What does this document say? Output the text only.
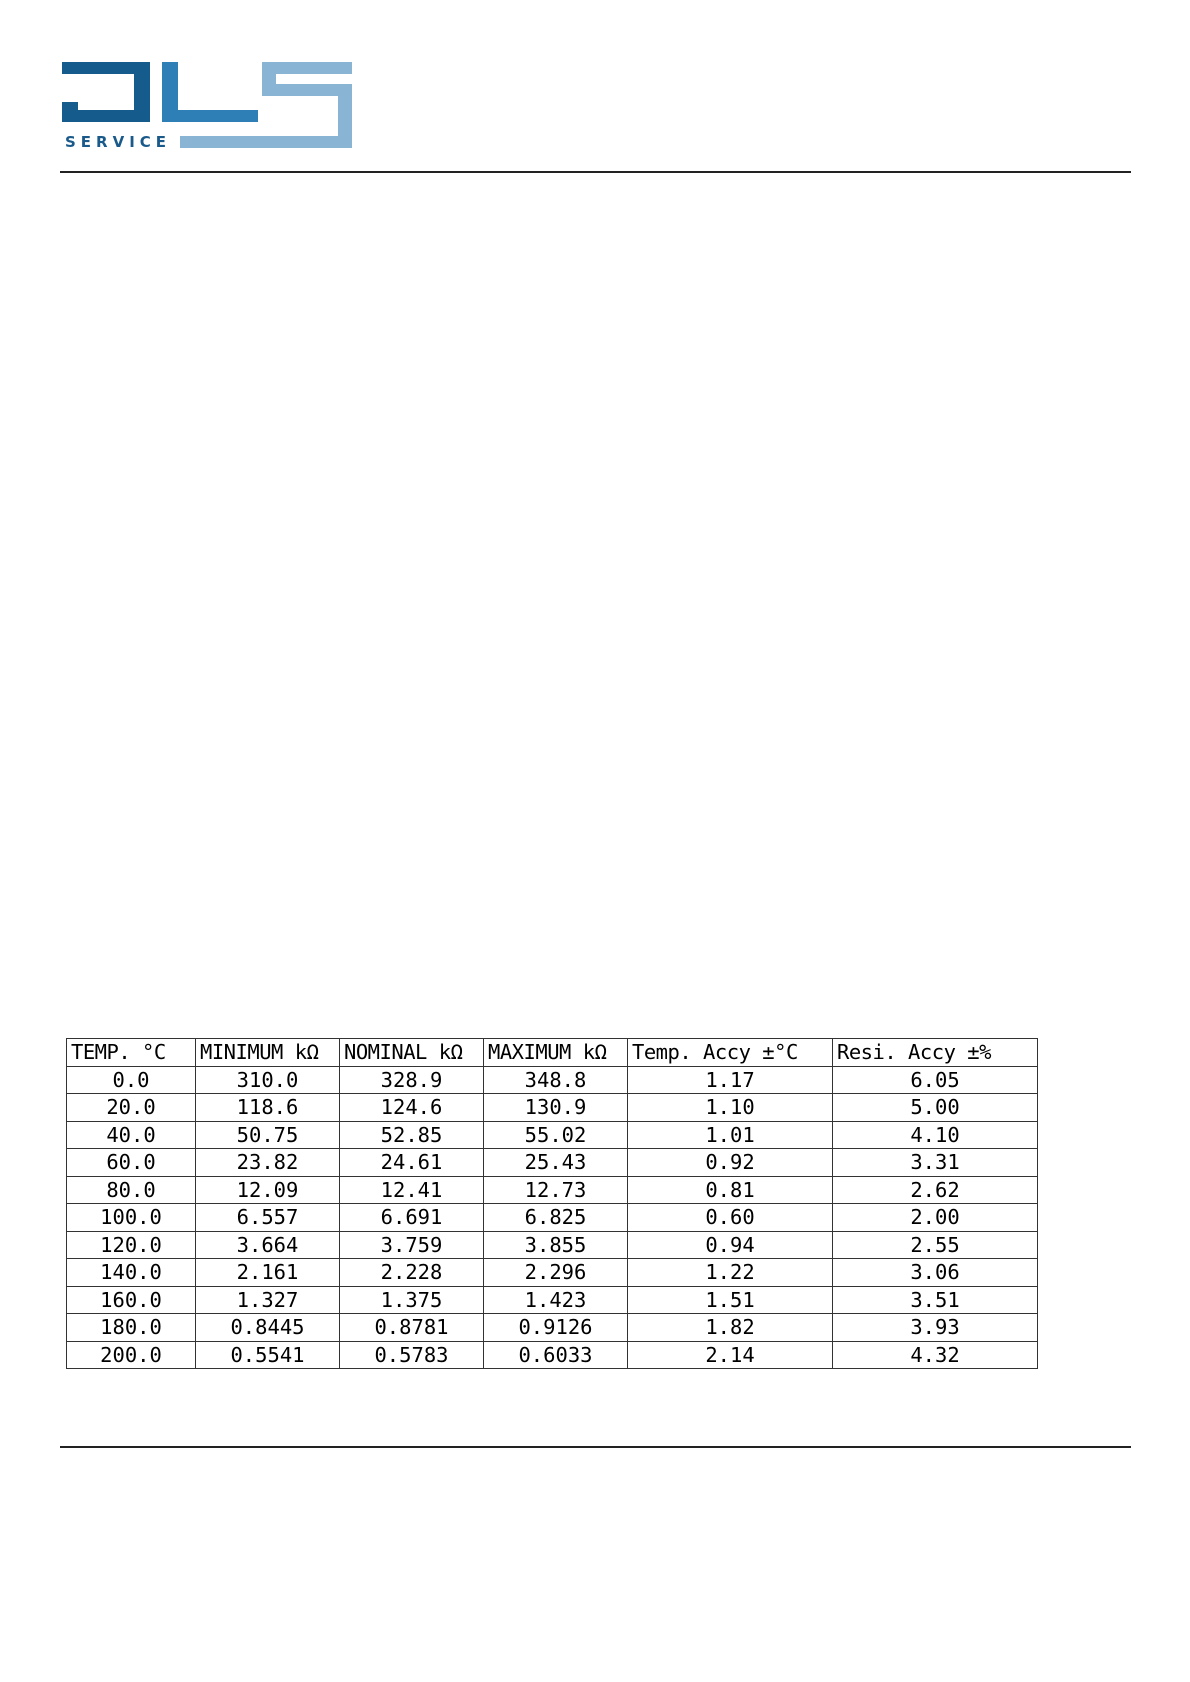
SERVICE
TEMP. °C	MINIMUM kΩ	NOMINAL kΩ	MAXIMUM kΩ	Temp. Accy ±°C	Resi. Accy ±%
0.0	310.0	328.9	348.8	1.17	6.05
20.0	118.6	124.6	130.9	1.10	5.00
40.0	50.75	52.85	55.02	1.01	4.10
60.0	23.82	24.61	25.43	0.92	3.31
80.0	12.09	12.41	12.73	0.81	2.62
100.0	6.557	6.691	6.825	0.60	2.00
120.0	3.664	3.759	3.855	0.94	2.55
140.0	2.161	2.228	2.296	1.22	3.06
160.0	1.327	1.375	1.423	1.51	3.51
180.0	0.8445	0.8781	0.9126	1.82	3.93
200.0	0.5541	0.5783	0.6033	2.14	4.32
